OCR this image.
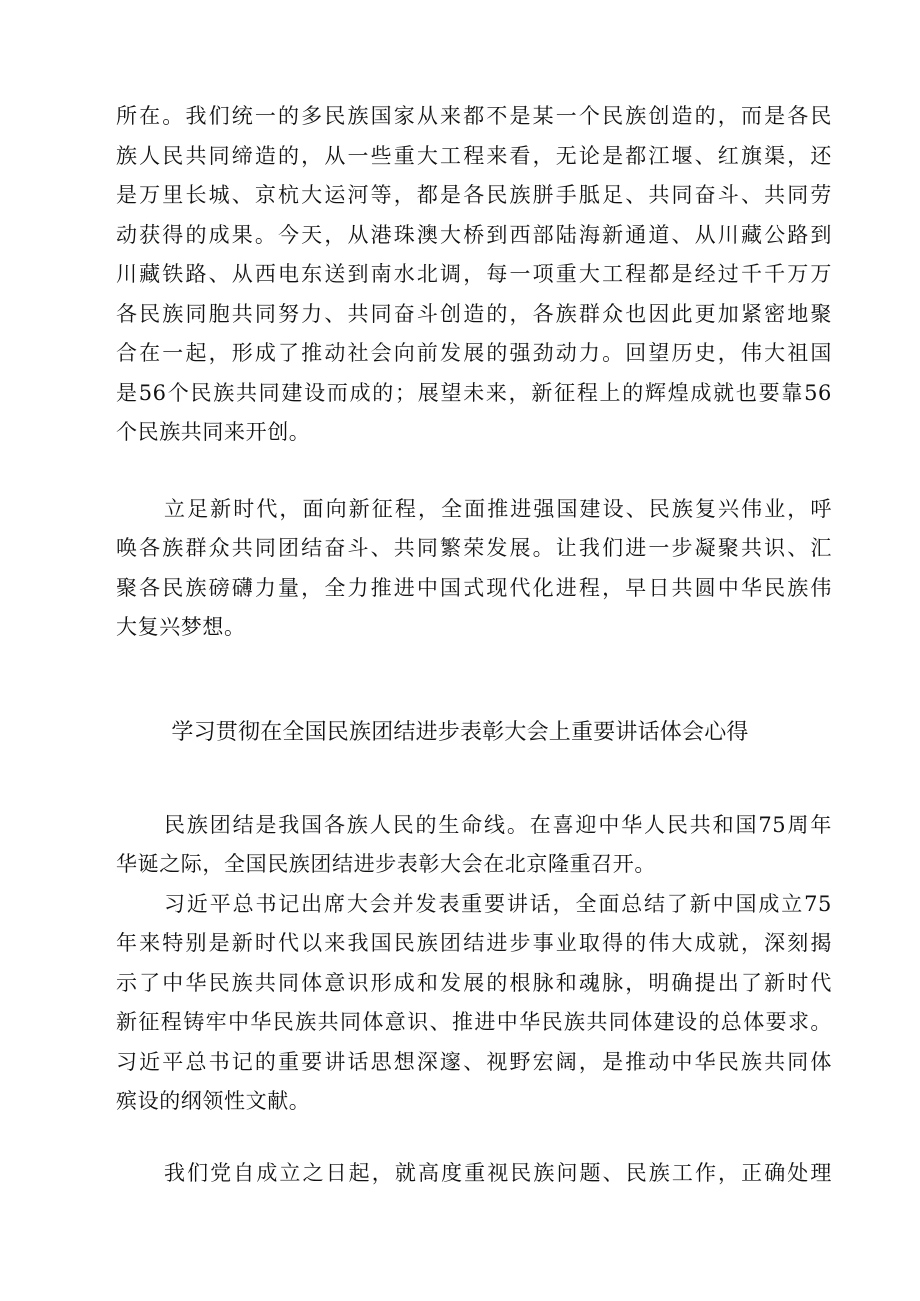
所在。我们统一的多民族国家从来都不是某一个民族创造的，而是各民
族人民共同缔造的，从一些重大工程来看，无论是都江堰、红旗渠，还
是万里长城、京杭大运河等，都是各民族胼手胝足、共同奋斗、共同劳
动获得的成果。今天，从港珠澳大桥到西部陆海新通道、从川藏公路到
川藏铁路、从西电东送到南水北调，每一项重大工程都是经过千千万万
各民族同胞共同努力、共同奋斗创造的，各族群众也因此更加紧密地聚
合在一起，形成了推动社会向前发展的强劲动力。回望历史，伟大祖国
是56个民族共同建设而成的；展望未来，新征程上的辉煌成就也要靠56
个民族共同来开创。
立足新时代，面向新征程，全面推进强国建设、民族复兴伟业，呼
唤各族群众共同团结奋斗、共同繁荣发展。让我们进一步凝聚共识、汇
聚各民族磅礴力量，全力推进中国式现代化进程，早日共圆中华民族伟
大复兴梦想。
学习贯彻在全国民族团结进步表彰大会上重要讲话体会心得
民族团结是我国各族人民的生命线。在喜迎中华人民共和国75周年
华诞之际，全国民族团结进步表彰大会在北京隆重召开。
习近平总书记出席大会并发表重要讲话，全面总结了新中国成立75
年来特别是新时代以来我国民族团结进步事业取得的伟大成就，深刻揭
示了中华民族共同体意识形成和发展的根脉和魂脉，明确提出了新时代
新征程铸牢中华民族共同体意识、推进中华民族共同体建设的总体要求。
习近平总书记的重要讲话思想深邃、视野宏阔，是推动中华民族共同体
殡设的纲领性文献。
我们党自成立之日起，就高度重视民族问题、民族工作，正确处理
